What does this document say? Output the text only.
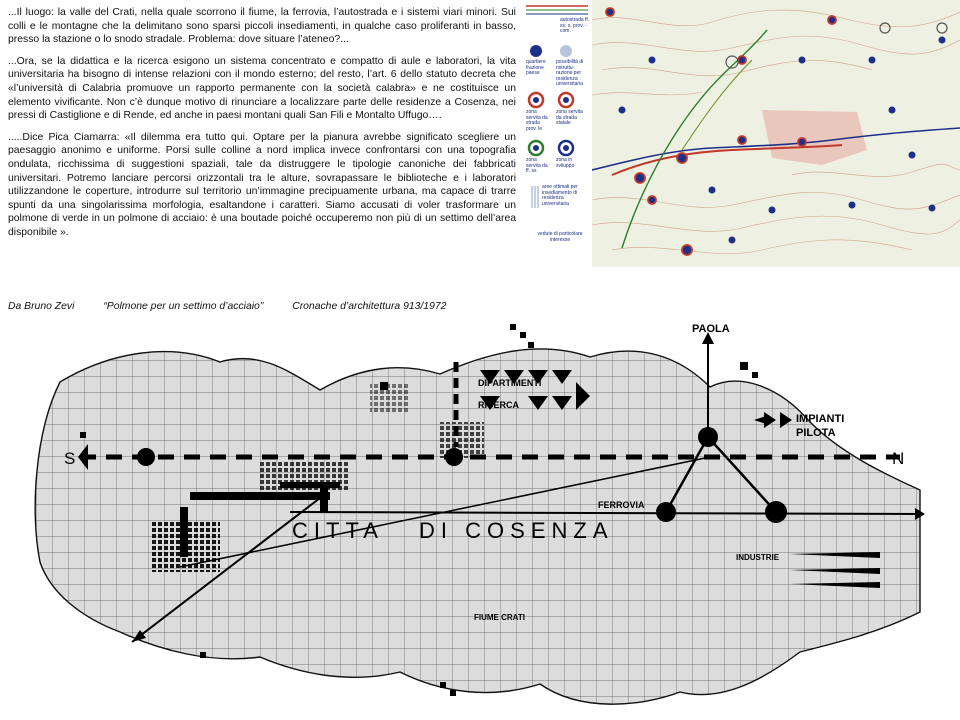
...Il luogo: la valle del Crati, nella quale scorrono il fiume, la ferrovia, l’autostrada e i sistemi viari minori. Sui colli e le montagne che la delimitano sono sparsi piccoli insediamenti, in qualche caso proliferanti in basso, presso la stazione o lo snodo stradale. Problema: dove situare l’ateneo?...

...Ora, se la didattica e la ricerca esigono un sistema concentrato e compatto di aule e laboratori, la vita universitaria ha bisogno di intense relazioni con il mondo esterno; del resto, l’art. 6 dello statuto decreta che «l’università di Calabria promuove un rapporto permanente con la società calabra» e ne costituisce un elemento vivificante. Non c’è dunque motivo di rinunciare a localizzare parte delle residenze a Cosenza, nei pressi di Castiglione e di Rende, ed anche in paesi montani quali San Fili e Montalto Uffugo….

.....Dice Pica Ciamarra: «Il dilemma era tutto qui. Optare per la pianura avrebbe significato scegliere un paesaggio anonimo e uniforme. Porsi sulle colline a nord implica invece confrontarsi con una topografia ondulata, ricchissima di suggestioni spaziali, tale da distruggere le tipologie canoniche dei fabbricati universitari. Potremo lanciare percorsi orizzontali tra le alture, sovrapassare le biblioteche e i laboratori utilizzandone le coperture, introdurre sul territorio un’immagine precipuamente urbana, ma capace di trarre spunti da una singolarissima morfologia, esaltandone i caratteri. Siamo accusati di voler trasformare un polmone di verde in un polmone di acciaio: è una boutade poiché occuperemo non più di un settimo dell’area disponibile ».

Da Bruno Zevi	“Polmone per un settimo d’acciaio”	Cronache d’architettura 913/1972
autostrada ff. ss. s. prov. - com.
quartiere frazione paese
possibilità di ristruttu- razione per residenza universitaria
zona servita da strada prov. le
zona servita da strada statale
zona servita da ff. ss
zona in sviluppo
aree ottimali per insediamento di residenza universitaria
vedute di particolare interesse
PAOLA
DIPARTIMENTI
RICERCA
IMPIANTI
PILOTA
S	N
FERROVIA
CITTA   DI COSENZA
INDUSTRIE
FIUME CRATI
